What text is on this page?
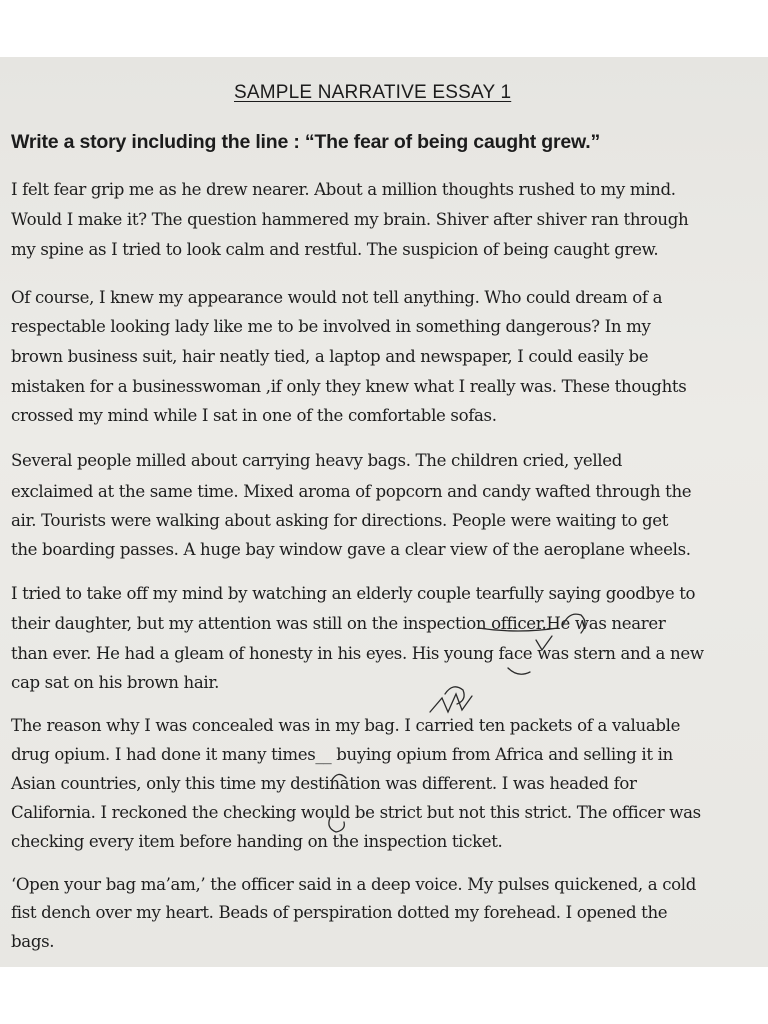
SAMPLE NARRATIVE ESSAY 1
Write a story including the line : “The fear of being caught grew.”
I felt fear grip me as he drew nearer. About a million thoughts rushed to my mind.
Would I make it? The question hammered my brain. Shiver after shiver ran through
my spine as I tried to look calm and restful. The suspicion of being caught grew.
Of course, I knew my appearance would not tell anything. Who could dream of a
respectable looking lady like me to be involved in something dangerous? In my
brown business suit, hair neatly tied, a laptop and newspaper, I could easily be
mistaken for a businesswoman ,if only they knew what I really was. These thoughts
crossed my mind while I sat in one of the comfortable sofas.
Several people milled about carrying heavy bags. The children cried, yelled
exclaimed at the same time. Mixed aroma of popcorn and candy wafted through the
air. Tourists were walking about asking for directions. People were waiting to get
the boarding passes. A huge bay window gave a clear view of the aeroplane wheels.
I tried to take off my mind by watching an elderly couple tearfully saying goodbye to
their daughter, but my attention was still on the inspection officer.He was nearer
than ever. He had a gleam of honesty in his eyes. His young face was stern and a new
cap sat on his brown hair.
The reason why I was concealed was in my bag. I carried ten packets of a valuable
drug opium. I had done it many times__ buying opium from Africa and selling it in
Asian countries, only this time my destination was different. I was headed for
California. I reckoned the checking would be strict but not this strict. The officer was
checking every item before handing on the inspection ticket.
‘Open your bag ma’am,’ the officer said in a deep voice. My pulses quickened, a cold
fist dench over my heart. Beads of perspiration dotted my forehead. I opened the
bags.
